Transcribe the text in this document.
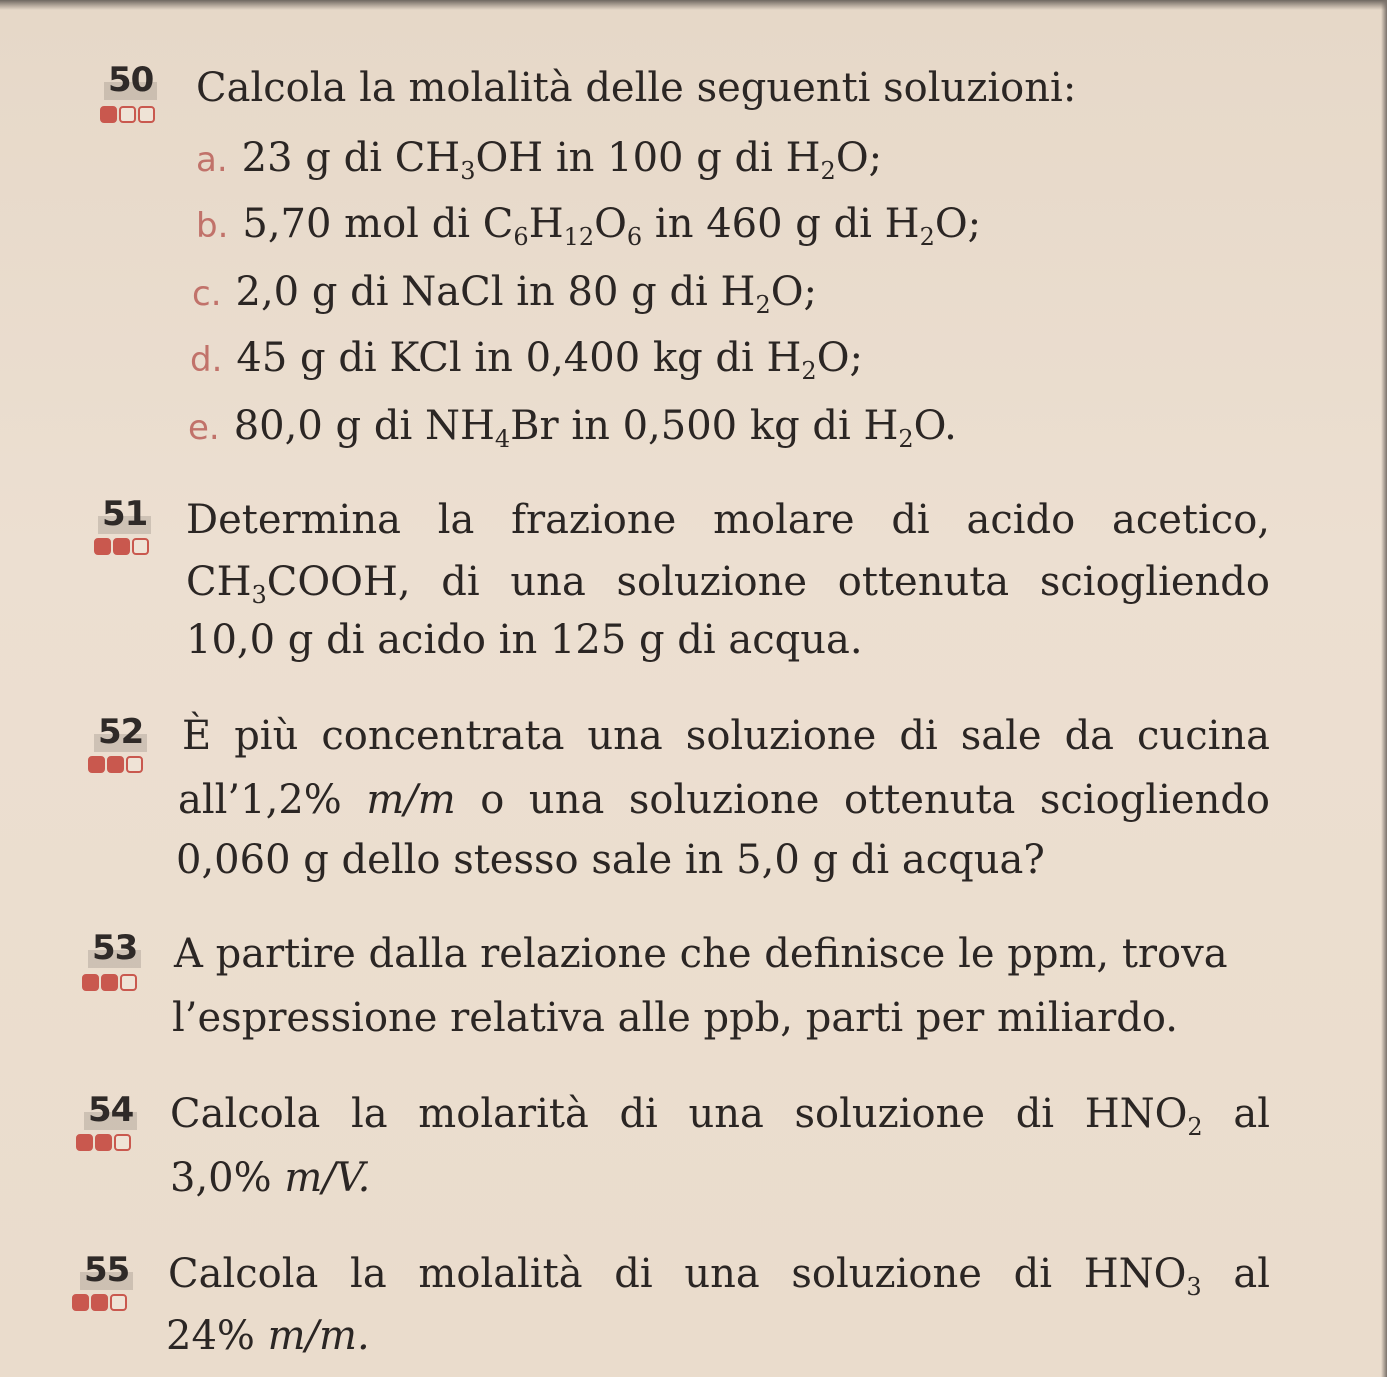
50 Calcola la molalità delle seguenti soluzioni:
a. 23 g di $CH_3OH$ in 100 g di $H_2O$;
b. 5,70 mol di $C_6H_{12}O_6$ in 460 g di $H_2O$;
c. 2,0 g di NaCl in 80 g di $H_2O$;
d. 45 g di KCl in 0,400 kg di $H_2O$;
e. 80,0 g di $NH_4Br$ in 0,500 kg di $H_2O$.
51 Determina la frazione molare di acido acetico,
$CH_3COOH$, di una soluzione ottenuta sciogliendo
10,0 g di acido in 125 g di acqua.
52 È più concentrata una soluzione di sale da cucina
all’1,2% m/m o una soluzione ottenuta sciogliendo
0,060 g dello stesso sale in 5,0 g di acqua?
53 A partire dalla relazione che definisce le ppm, trova
l’espressione relativa alle ppb, parti per miliardo.
54 Calcola la molarità di una soluzione di $HNO_2$ al
3,0% m/V.
55 Calcola la molalità di una soluzione di $HNO_3$ al
24% m/m.
